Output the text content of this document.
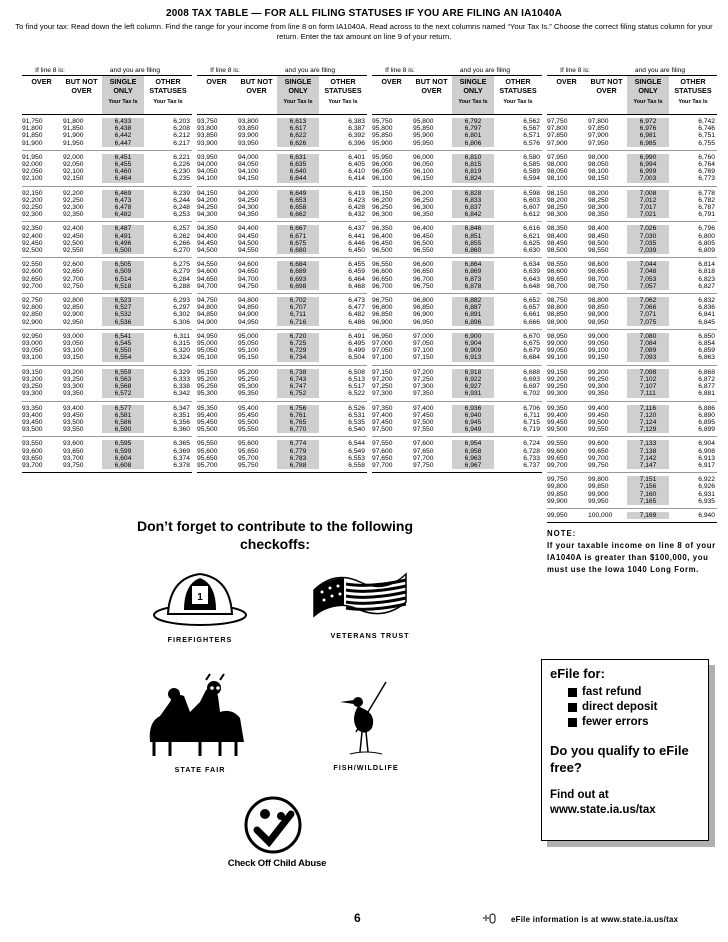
2008 TAX TABLE — FOR ALL FILING STATUSES IF YOU ARE FILING AN IA1040A
To find your tax: Read down the left column. Find the range for your income from line 8 on form IA1040A. Read across to the next columns named “Your Tax Is.” Choose the correct filing status column for your return. Enter the tax amount on line 9 of your return.
If line 8 is:	and you are filing
OVER	BUT NOT OVER
SINGLE ONLY
Your Tax Is
OTHER STATUSES
Your Tax Is
91,750	91,800	6,433	6,203
91,800	91,850	6,438	6,208
91,850	91,900	6,442	6,212
91,900	91,950	6,447	6,217
91,950	92,000	6,451	6,221
92,000	92,050	6,455	6,226
92,050	92,100	6,460	6,230
92,100	92,150	6,464	6,235
92,150	92,200	6,469	6,239
92,200	92,250	6,473	6,244
92,250	92,300	6,478	6,248
92,300	92,350	6,482	6,253
92,350	92,400	6,487	6,257
92,400	92,450	6,491	6,262
92,450	92,500	6,496	6,266
92,500	92,550	6,500	6,270
92,550	92,600	6,505	6,275
92,600	92,650	6,509	6,279
92,650	92,700	6,514	6,284
92,700	92,750	6,518	6,288
92,750	92,800	6,523	6,293
92,800	92,850	6,527	6,297
92,850	92,900	6,532	6,302
92,900	92,950	6,536	6,306
92,950	93,000	6,541	6,311
93,000	93,050	6,545	6,315
93,050	93,100	6,550	6,320
93,100	93,150	6,554	6,324
93,150	93,200	6,559	6,329
93,200	93,250	6,563	6,333
93,250	93,300	6,568	6,338
93,300	93,350	6,572	6,342
93,350	93,400	6,577	6,347
93,400	93,450	6,581	6,351
93,450	93,500	6,586	6,356
93,500	93,550	6,590	6,360
93,550	93,600	6,595	6,365
93,600	93,650	6,599	6,369
93,650	93,700	6,604	6,374
93,700	93,750	6,608	6,378
If line 8 is:	and you are filing
OVER	BUT NOT OVER
SINGLE ONLY
Your Tax Is
OTHER STATUSES
Your Tax Is
93,750	93,800	6,613	6,383
93,800	93,850	6,617	6,387
93,850	93,900	6,622	6,392
93,900	93,950	6,626	6,396
93,950	94,000	6,631	6,401
94,000	94,050	6,635	6,405
94,050	94,100	6,640	6,410
94,100	94,150	6,644	6,414
94,150	94,200	6,649	6,419
94,200	94,250	6,653	6,423
94,250	94,300	6,658	6,428
94,300	94,350	6,662	6,432
94,350	94,400	6,667	6,437
94,400	94,450	6,671	6,441
94,450	94,500	6,675	6,446
94,500	94,550	6,680	6,450
94,550	94,600	6,684	6,455
94,600	94,650	6,689	6,459
94,650	94,700	6,693	6,464
94,700	94,750	6,698	6,468
94,750	94,800	6,702	6,473
94,800	94,850	6,707	6,477
94,850	94,900	6,711	6,482
94,900	94,950	6,716	6,486
94,950	95,000	6,720	6,491
95,000	95,050	6,725	6,495
95,050	95,100	6,729	6,499
95,100	95,150	6,734	6,504
95,150	95,200	6,738	6,508
95,200	95,250	6,743	6,513
95,250	95,300	6,747	6,517
95,300	95,350	6,752	6,522
95,350	95,400	6,756	6,526
95,400	95,450	6,761	6,531
95,450	95,500	6,765	6,535
95,500	95,550	6,770	6,540
95,550	95,600	6,774	6,544
95,600	95,650	6,779	6,549
95,650	95,700	6,783	6,553
95,700	95,750	6,788	6,558
If line 8 is:	and you are filing
OVER	BUT NOT OVER
SINGLE ONLY
Your Tax Is
OTHER STATUSES
Your Tax Is
95,750	95,800	6,792	6,562
95,800	95,850	6,797	6,567
95,850	95,900	6,801	6,571
95,900	95,950	6,806	6,576
95,950	96,000	6,810	6,580
96,000	96,050	6,815	6,585
96,050	96,100	6,819	6,589
96,100	96,150	6,824	6,594
96,150	96,200	6,828	6,598
96,200	96,250	6,833	6,603
96,250	96,300	6,837	6,607
96,300	96,350	6,842	6,612
96,350	96,400	6,846	6,616
96,400	96,450	6,851	6,621
96,450	96,500	6,855	6,625
96,500	96,550	6,860	6,630
96,550	96,600	6,864	6,634
96,600	96,650	6,869	6,639
96,650	96,700	6,873	6,643
96,700	96,750	6,878	6,648
96,750	96,800	6,882	6,652
96,800	96,850	6,887	6,657
96,850	96,900	6,891	6,661
96,900	96,950	6,896	6,666
96,950	97,000	6,900	6,670
97,000	97,050	6,904	6,675
97,050	97,100	6,909	6,679
97,100	97,150	6,913	6,684
97,150	97,200	6,918	6,688
97,200	97,250	6,922	6,693
97,250	97,300	6,927	6,697
97,300	97,350	6,931	6,702
97,350	97,400	6,936	6,706
97,400	97,450	6,940	6,711
97,450	97,500	6,945	6,715
97,500	97,550	6,949	6,719
97,550	97,600	6,954	6,724
97,600	97,650	6,958	6,728
97,650	97,700	6,963	6,733
97,700	97,750	6,967	6,737
If line 8 is:	and you are filing
OVER	BUT NOT OVER
SINGLE ONLY
Your Tax Is
OTHER STATUSES
Your Tax Is
97,750	97,800	6,972	6,742
97,800	97,850	6,976	6,746
97,850	97,900	6,981	6,751
97,900	97,950	6,985	6,755
97,950	98,000	6,990	6,760
98,000	98,050	6,994	6,764
98,050	98,100	6,999	6,769
98,100	98,150	7,003	6,773
98,150	98,200	7,008	6,778
98,200	98,250	7,012	6,782
98,250	98,300	7,017	6,787
98,300	98,350	7,021	6,791
98,350	98,400	7,026	6,796
98,400	98,450	7,030	6,800
98,450	98,500	7,035	6,805
98,500	98,550	7,039	6,809
98,550	98,600	7,044	6,814
98,600	98,650	7,048	6,818
98,650	98,700	7,053	6,823
98,700	98,750	7,057	6,827
98,750	98,800	7,062	6,832
98,800	98,850	7,066	6,836
98,850	98,900	7,071	6,841
98,900	98,950	7,075	6,845
98,950	99,000	7,080	6,850
99,000	99,050	7,084	6,854
99,050	99,100	7,089	6,859
99,100	99,150	7,093	6,863
99,150	99,200	7,098	6,868
99,200	99,250	7,102	6,872
99,250	99,300	7,107	6,877
99,300	99,350	7,111	6,881
99,350	99,400	7,116	6,886
99,400	99,450	7,120	6,890
99,450	99,500	7,124	6,895
99,500	99,550	7,129	6,899
99,550	99,600	7,133	6,904
99,600	99,650	7,138	6,908
99,650	99,700	7,142	6,913
99,700	99,750	7,147	6,917
99,750	99,800	7,151	6,922
99,800	99,850	7,156	6,926
99,850	99,900	7,160	6,931
99,900	99,950	7,165	6,935
99,950	100,000	7,169	6,940
Don’t forget to contribute to the following checkoffs:
1
FIREFIGHTERS	VETERANS TRUST
STATE FAIR	FISH/WILDLIFE
Check Off Child Abuse
NOTE:
If your taxable income on line 8 of your IA1040A is greater than $100,000, you must use the Iowa 1040 Long Form.
eFile for:
fast refund
direct deposit
fewer errors
Do you qualify to eFile free?
Find out at www.state.ia.us/tax
6	eFile information is at www.state.ia.us/tax
